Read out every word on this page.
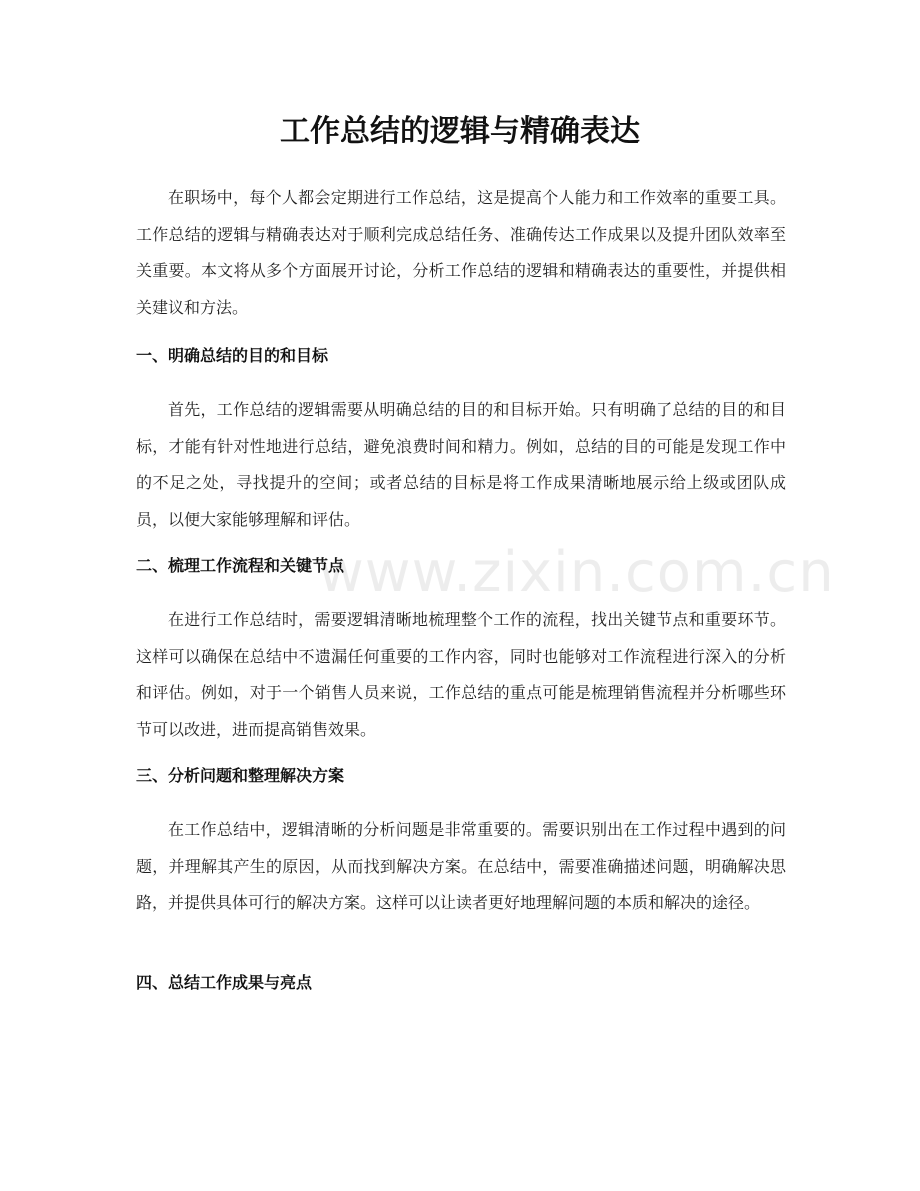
工作总结的逻辑与精确表达

在职场中，每个人都会定期进行工作总结，这是提高个人能力和工作效率的重要工具。工作总结的逻辑与精确表达对于顺利完成总结任务、准确传达工作成果以及提升团队效率至关重要。本文将从多个方面展开讨论，分析工作总结的逻辑和精确表达的重要性，并提供相关建议和方法。

一、明确总结的目的和目标

首先，工作总结的逻辑需要从明确总结的目的和目标开始。只有明确了总结的目的和目标，才能有针对性地进行总结，避免浪费时间和精力。例如，总结的目的可能是发现工作中的不足之处，寻找提升的空间；或者总结的目标是将工作成果清晰地展示给上级或团队成员，以便大家能够理解和评估。

二、梳理工作流程和关键节点

在进行工作总结时，需要逻辑清晰地梳理整个工作的流程，找出关键节点和重要环节。这样可以确保在总结中不遗漏任何重要的工作内容，同时也能够对工作流程进行深入的分析和评估。例如，对于一个销售人员来说，工作总结的重点可能是梳理销售流程并分析哪些环节可以改进，进而提高销售效果。

三、分析问题和整理解决方案

在工作总结中，逻辑清晰的分析问题是非常重要的。需要识别出在工作过程中遇到的问题，并理解其产生的原因，从而找到解决方案。在总结中，需要准确描述问题，明确解决思路，并提供具体可行的解决方案。这样可以让读者更好地理解问题的本质和解决的途径。

四、总结工作成果与亮点
www.zixin.com.cn
